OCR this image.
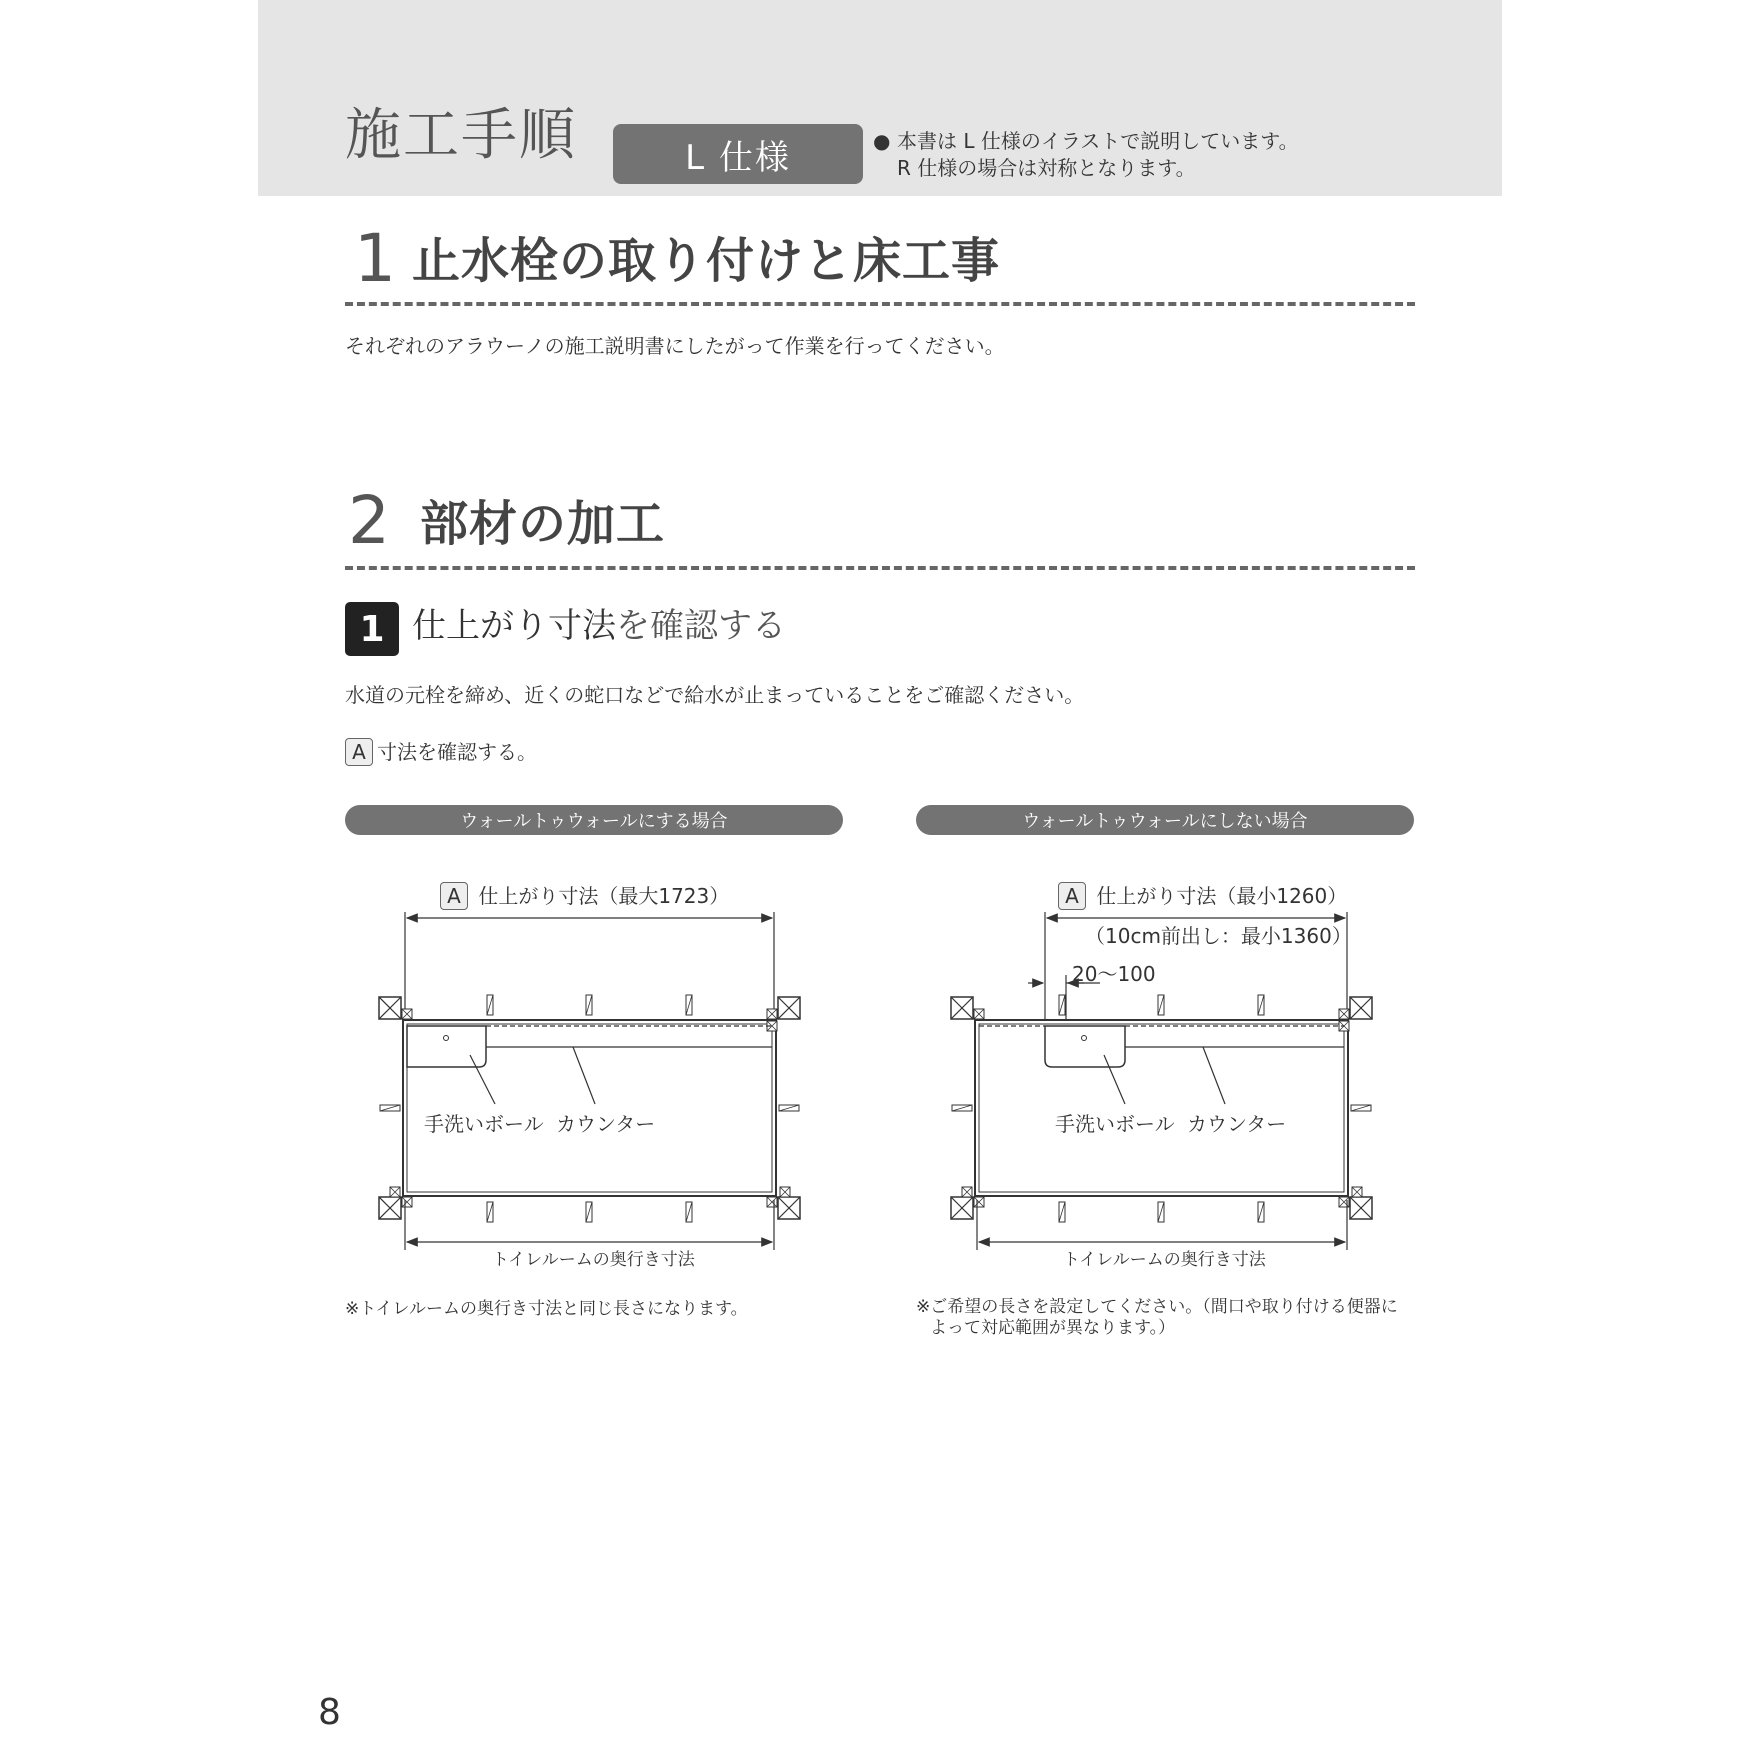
施工手順	L 仕様	● 本書は L 仕様のイラストで説明しています。
R 仕様の場合は対称となります。
1 止水栓の取り付けと床工事
それぞれのアラウーノの施工説明書にしたがって作業を行ってください。
2 部材の加工
1 仕上がり寸法を確認する
水道の元栓を締め、近くの蛇口などで給水が止まっていることをご確認ください。
A 寸法を確認する。
ウォールトゥウォールにする場合	ウォールトゥウォールにしない場合
A 仕上がり寸法（最大1723）
手洗いボール カウンター
トイレルームの奥行き寸法
※トイレルームの奥行き寸法と同じ長さになります。
A 仕上がり寸法（最小1260）
（10cm前出し：最小1360）
20～100
手洗いボール カウンター
トイレルームの奥行き寸法
※ご希望の長さを設定してください。（間口や取り付ける便器に
よって対応範囲が異なります。）
8
